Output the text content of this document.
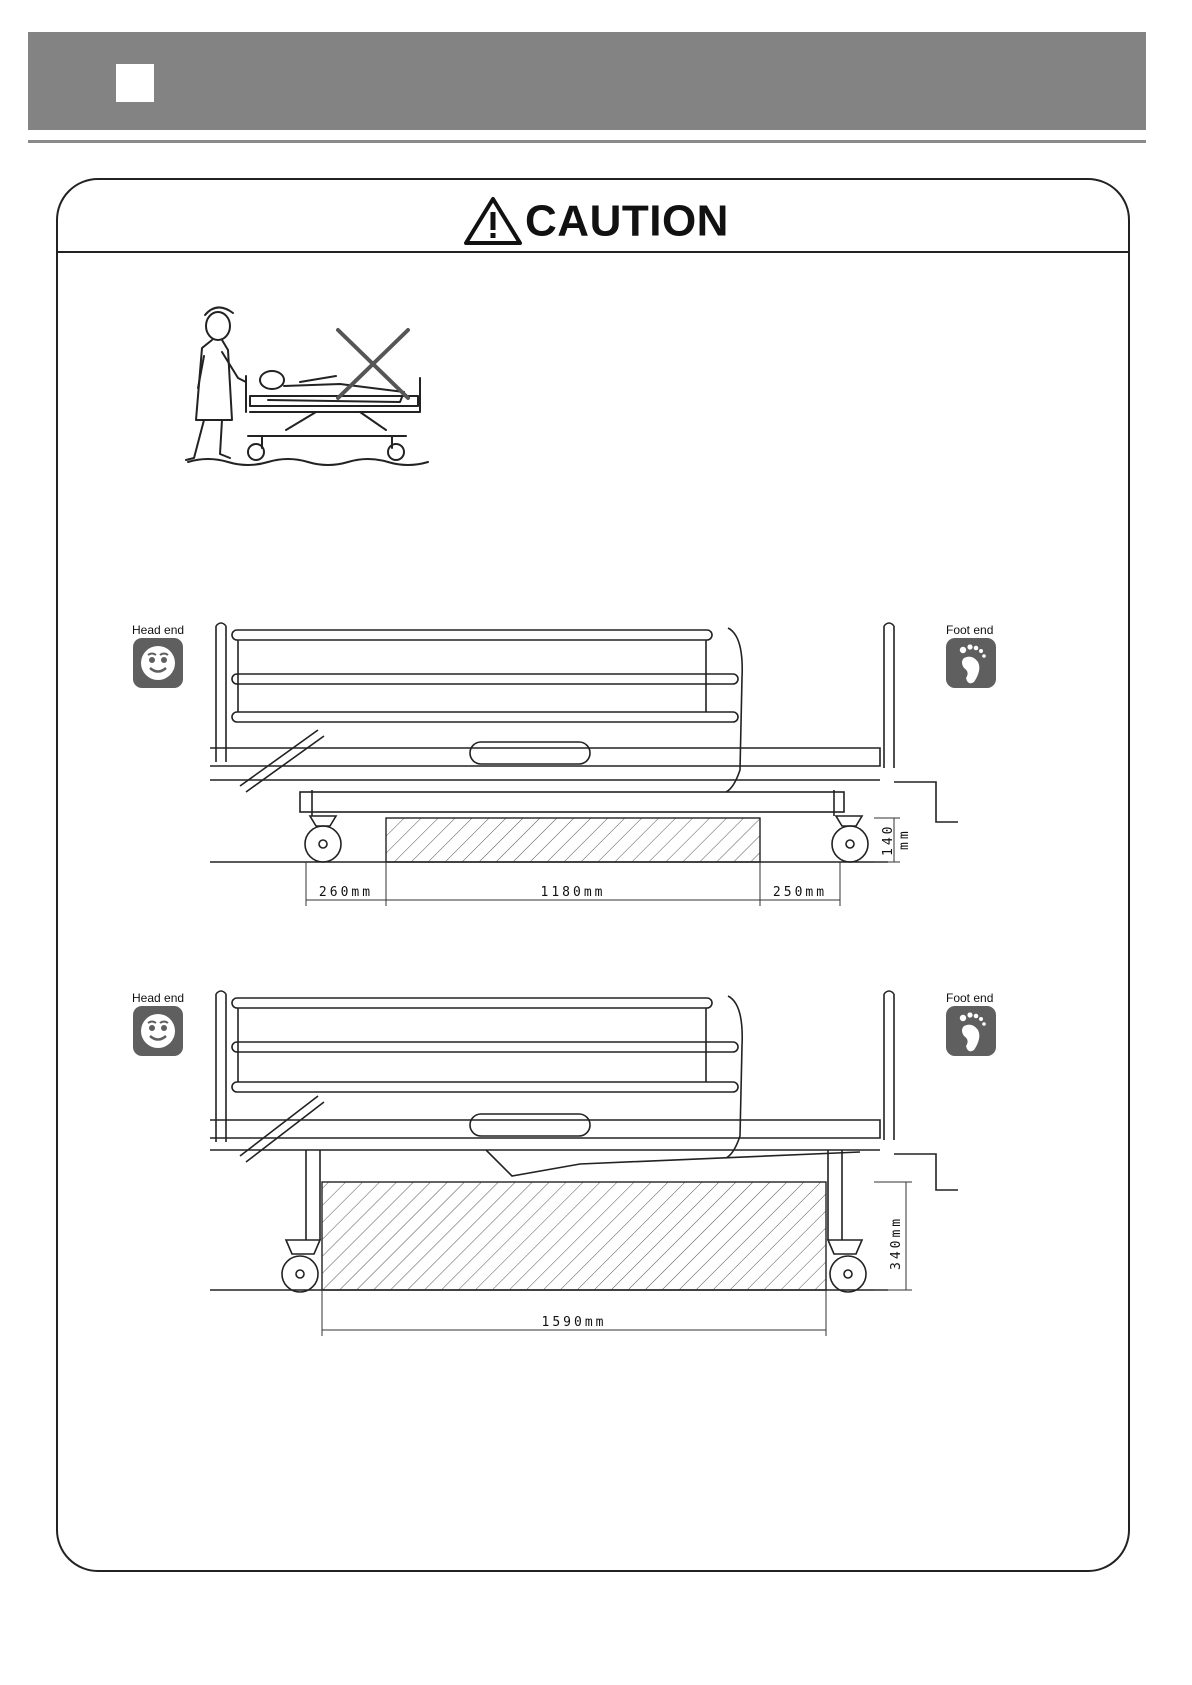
CAUTION
Head end	Foot end
260mm	1180mm	250mm
140 mm
Head end	Foot end
1590mm
340mm
